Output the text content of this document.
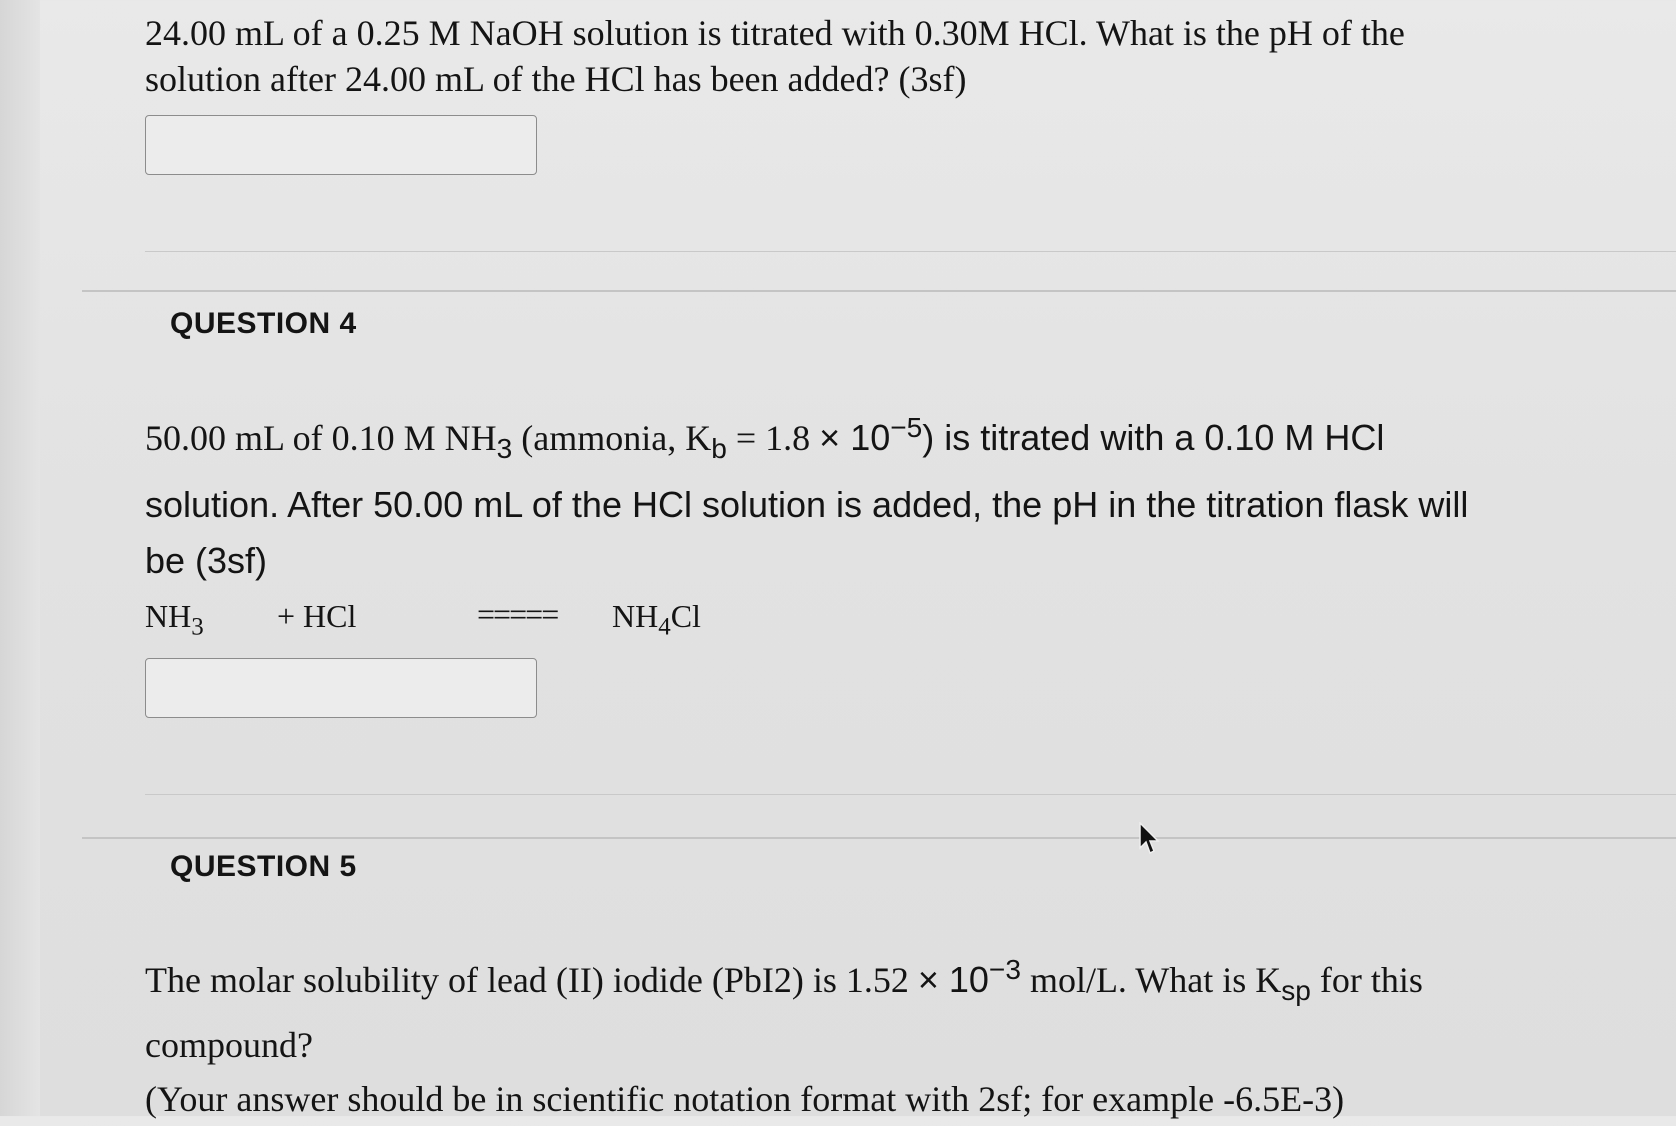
24.00 mL of a 0.25 M NaOH solution is titrated with 0.30M HCl. What is the pH of the
solution after 24.00 mL of the HCl has been added? (3sf)
QUESTION 4
50.00 mL of 0.10 M $NH_3$ (ammonia, $K_b = 1.8 \times 10^{-5}$) is titrated with a 0.10 M HCl
solution. After 50.00 mL of the HCl solution is added, the pH in the titration flask will
be (3sf)
$NH_3$ + HCl	===== $NH_4Cl$
QUESTION 5
The molar solubility of lead (II) iodide (PbI2) is $1.52 \times 10^{-3}$ mol/L. What is $K_{sp}$ for this
compound?
(Your answer should be in scientific notation format with 2sf; for example -6.5E-3)
